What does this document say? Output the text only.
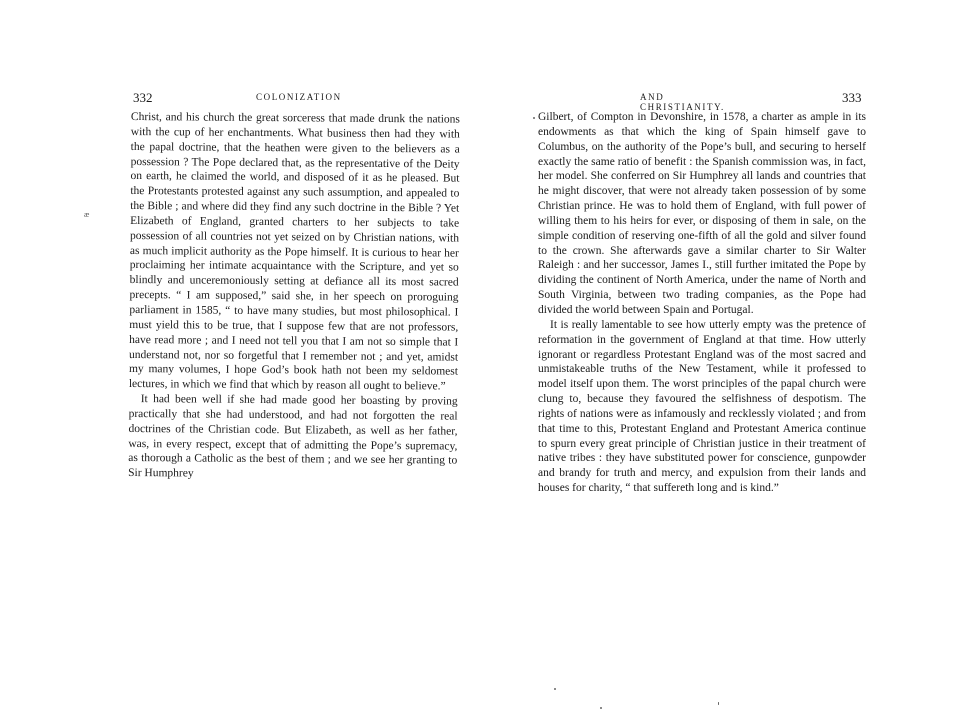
332	COLONIZATION
æ

Christ, and his church the great sorceress that made drunk the nations with the cup of her enchantments. What business then had they with the papal doctrine, that the heathen were given to the believers as a possession ? The Pope declared that, as the representative of the Deity on earth, he claimed the world, and disposed of it as he pleased. But the Protestants protested against any such assumption, and appealed to the Bible ; and where did they find any such doctrine in the Bible ? Yet Elizabeth of England, granted charters to her subjects to take possession of all countries not yet seized on by Christian nations, with as much implicit authority as the Pope himself. It is curious to hear her proclaiming her intimate acquaintance with the Scripture, and yet so blindly and unceremoniously setting at defiance all its most sacred precepts. “ I am supposed,” said she, in her speech on proroguing parliament in 1585, “ to have many studies, but most philosophical. I must yield this to be true, that I suppose few that are not professors, have read more ; and I need not tell you that I am not so simple that I understand not, nor so forgetful that I remember not ; and yet, amidst my many volumes, I hope God’s book hath not been my seldomest lectures, in which we find that which by reason all ought to believe.”

It had been well if she had made good her boasting by proving practically that she had understood, and had not forgotten the real doctrines of the Christian code. But Elizabeth, as well as her father, was, in every respect, except that of admitting the Pope’s supremacy, as thorough a Catholic as the best of them ; and we see her granting to Sir Humphrey

AND CHRISTIANITY.
333

Gilbert, of Compton in Devonshire, in 1578, a charter as ample in its endowments as that which the king of Spain himself gave to Columbus, on the authority of the Pope’s bull, and securing to herself exactly the same ratio of benefit : the Spanish commission was, in fact, her model. She conferred on Sir Humphrey all lands and countries that he might discover, that were not already taken possession of by some Christian prince. He was to hold them of England, with full power of willing them to his heirs for ever, or disposing of them in sale, on the simple condition of reserving one-fifth of all the gold and silver found to the crown. She afterwards gave a similar charter to Sir Walter Raleigh : and her successor, James I., still further imitated the Pope by dividing the continent of North America, under the name of North and South Virginia, between two trading companies, as the Pope had divided the world between Spain and Portugal.

It is really lamentable to see how utterly empty was the pretence of reformation in the government of England at that time. How utterly ignorant or regardless Protestant England was of the most sacred and unmistakeable truths of the New Testament, while it professed to model itself upon them. The worst principles of the papal church were clung to, because they favoured the selfishness of despotism. The rights of nations were as infamously and recklessly violated ; and from that time to this, Protestant England and Protestant America continue to spurn every great principle of Christian justice in their treatment of native tribes : they have substituted power for conscience, gunpowder and brandy for truth and mercy, and expulsion from their lands and houses for charity, “ that suffereth long and is kind.”
